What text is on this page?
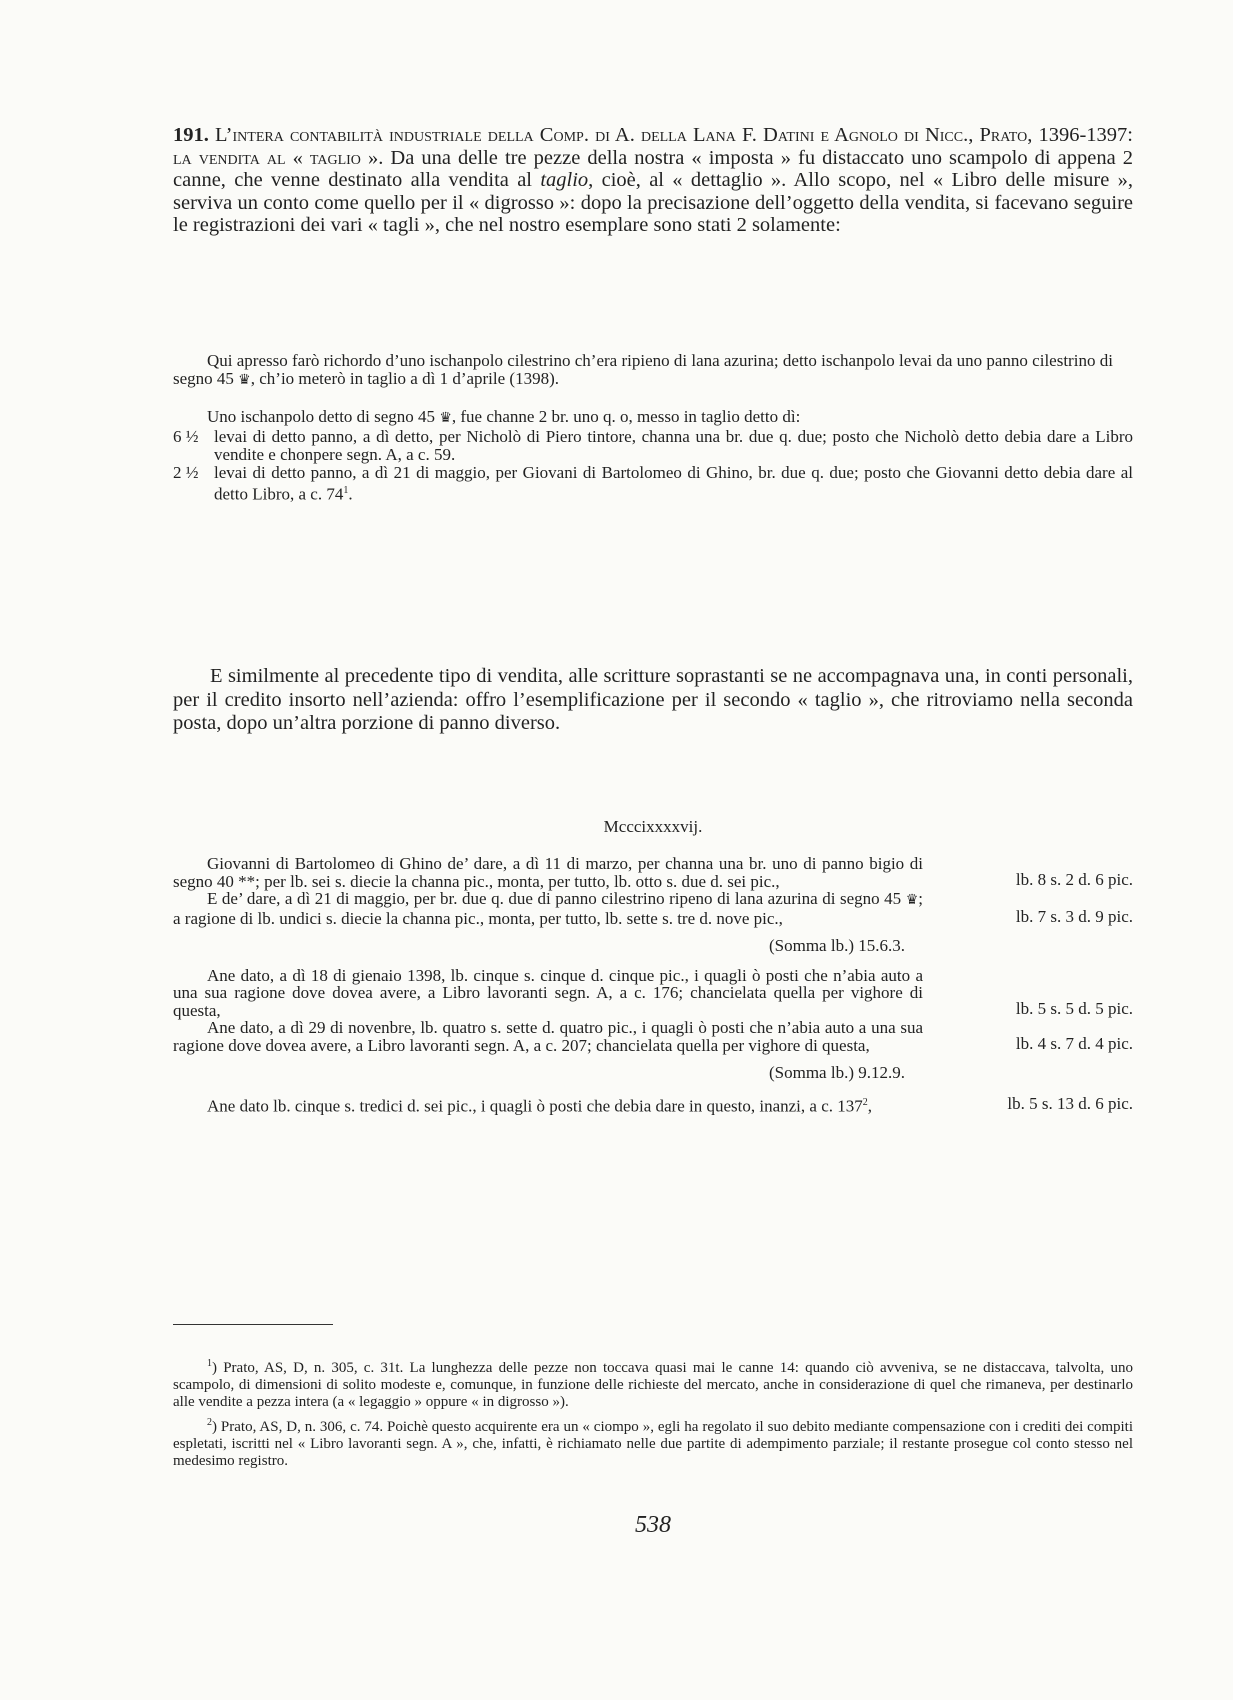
191. L’intera contabilità industriale della Comp. di A. della Lana F. Datini e Agnolo di Nicc., Prato, 1396-1397: la vendita al « taglio ». Da una delle tre pezze della nostra « imposta » fu distaccato uno scampolo di appena 2 canne, che venne destinato alla vendita al taglio, cioè, al « dettaglio ». Allo scopo, nel « Libro delle misure », serviva un conto come quello per il « digrosso »: dopo la precisazione dell’oggetto della vendita, si facevano seguire le registrazioni dei vari « tagli », che nel nostro esemplare sono stati 2 solamente:

Qui apresso farò richordo d’uno ischanpolo cilestrino ch’era ripieno di lana azurina; detto ischanpolo levai da uno panno cilestrino di segno 45 ♛, ch’io meterò in taglio a dì 1 d’aprile (1398).

Uno ischanpolo detto di segno 45 ♛, fue channe 2 br. uno q. o, messo in taglio detto dì:

6 ½ levai di detto panno, a dì detto, per Nicholò di Piero tintore, channa una br. due q. due; posto che Nicholò detto debia dare a Libro vendite e chonpere segn. A, a c. 59.
2 ½ levai di detto panno, a dì 21 di maggio, per Giovani di Bartolomeo di Ghino, br. due q. due; posto che Giovanni detto debia dare al detto Libro, a c. $74^1$.
E similmente al precedente tipo di vendita, alle scritture soprastanti se ne accompagnava una, in conti personali, per il credito insorto nell’azienda: offro l’esemplificazione per il secondo « taglio », che ritroviamo nella seconda posta, dopo un’altra porzione di panno diverso.
Mcccixxxxvij.
Giovanni di Bartolomeo di Ghino de’ dare, a dì 11 di marzo, per channa una br. uno di panno bigio di segno 40 **; per lb. sei s. diecie la channa pic., monta, per tutto, lb. otto s. due d. sei pic.,	lb. 8 s. 2 d. 6 pic.
E de’ dare, a dì 21 di maggio, per br. due q. due di panno cilestrino ripeno di lana azurina di segno 45 ♛; a ragione di lb. undici s. diecie la channa pic., monta, per tutto, lb. sette s. tre d. nove pic.,	lb. 7 s. 3 d. 9 pic.
(Somma lb.) 15.6.3.
Ane dato, a dì 18 di gienaio 1398, lb. cinque s. cinque d. cinque pic., i quagli ò posti che n’abia auto a una sua ragione dove dovea avere, a Libro lavoranti segn. A, a c. 176; chancielata quella per vighore di questa,	lb. 5 s. 5 d. 5 pic.
Ane dato, a dì 29 di novenbre, lb. quatro s. sette d. quatro pic., i quagli ò posti che n’abia auto a una sua ragione dove dovea avere, a Libro lavoranti segn. A, a c. 207; chancielata quella per vighore di questa,	lb. 4 s. 7 d. 4 pic.
(Somma lb.) 9.12.9.
Ane dato lb. cinque s. tredici d. sei pic., i quagli ò posti che debia dare in questo, inanzi, a c. $137^2$,	lb. 5 s. 13 d. 6 pic.

$^1$) Prato, AS, D, n. 305, c. 31t. La lunghezza delle pezze non toccava quasi mai le canne 14: quando ciò avveniva, se ne distaccava, talvolta, uno scampolo, di dimensioni di solito modeste e, comunque, in funzione delle richieste del mercato, anche in considerazione di quel che rimaneva, per destinarlo alle vendite a pezza intera (a « legaggio » oppure « in digrosso »).

$^2$) Prato, AS, D, n. 306, c. 74. Poichè questo acquirente era un « ciompo », egli ha regolato il suo debito mediante compensazione con i crediti dei compiti espletati, iscritti nel « Libro lavoranti segn. A », che, infatti, è richiamato nelle due partite di adempimento parziale; il restante prosegue col conto stesso nel medesimo registro.

538
